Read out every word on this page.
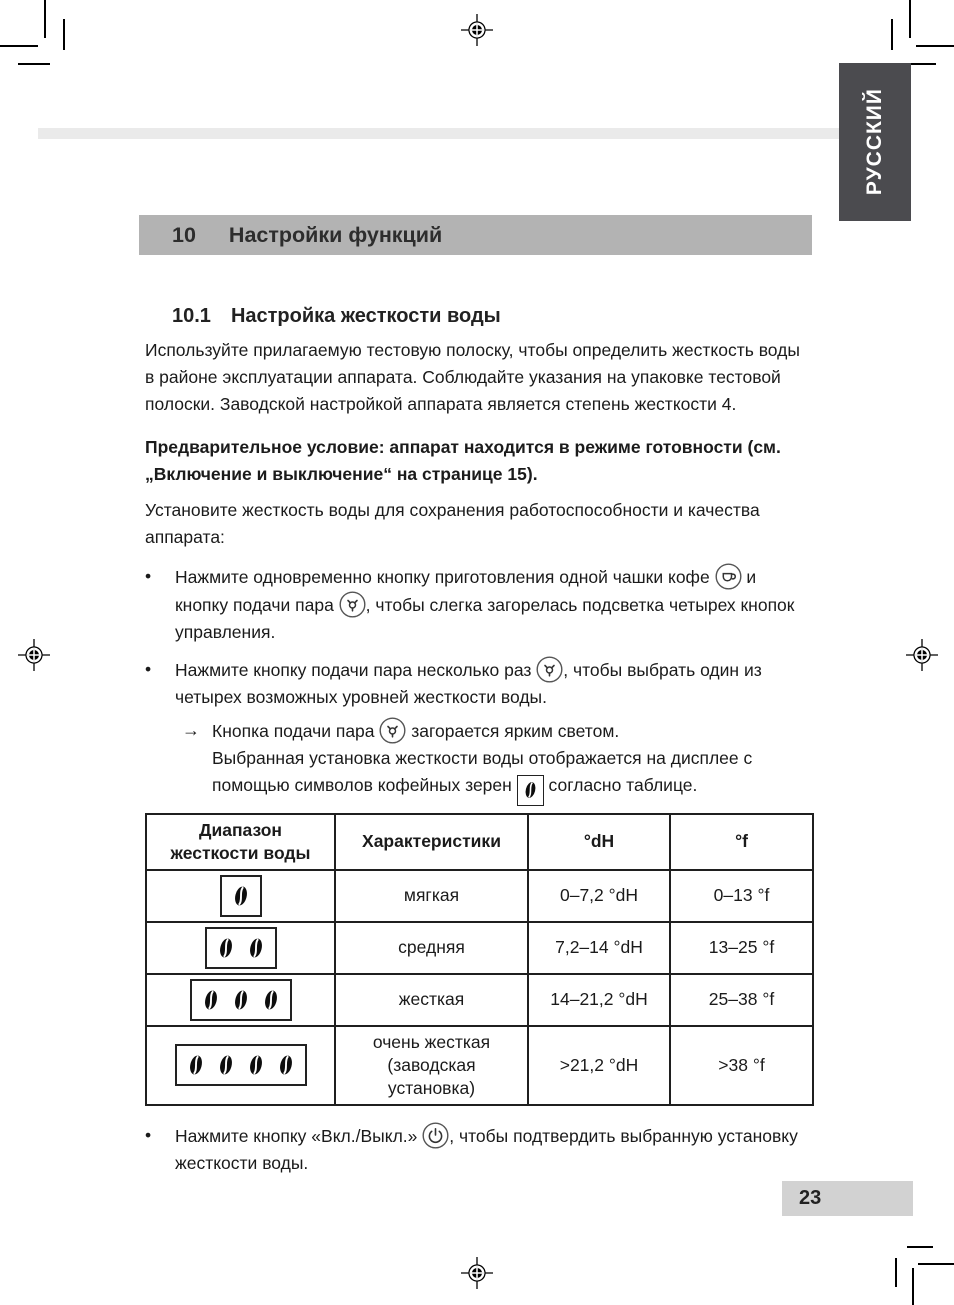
РУССКИЙ
10 Настройки функций
10.1 Настройка жесткости воды

Используйте прилагаемую тестовую полоску, чтобы определить жесткость воды в районе эксплуатации аппарата. Соблюдайте указания на упаковке тестовой полоски. Заводской настройкой аппарата является степень жесткости 4.

Предварительное условие: аппарат находится в режиме готовности (см. „Включение и выключение“ на странице 15).

Установите жесткость воды для сохранения работоспособности и качества аппарата:

•	Нажмите одновременно кнопку приготовления одной чашки кофе  и кнопку подачи пара , чтобы слегка загорелась подсветка четырех кнопок управления.
•	Нажмите кнопку подачи пара несколько раз , чтобы выбрать один из четырех возможных уровней жесткости воды.
→ Кнопка подачи пара  загорается ярким светом.
Выбранная установка жесткости воды отображается на дисплее с помощью символов кофейных зерен
согласно таблице.
Диапазон жесткости воды	Характеристики	°dH	°f

	мягкая	0–7,2 °dH	0–13 °f

	средняя	7,2–14 °dH	13–25 °f

	жесткая	14–21,2 °dH	25–38 °f

	очень жесткая (заводская установка)	>21,2 °dH	>38 °f
•	Нажмите кнопку «Вкл./Выкл.» , чтобы подтвердить выбранную установку жесткости воды.
23
